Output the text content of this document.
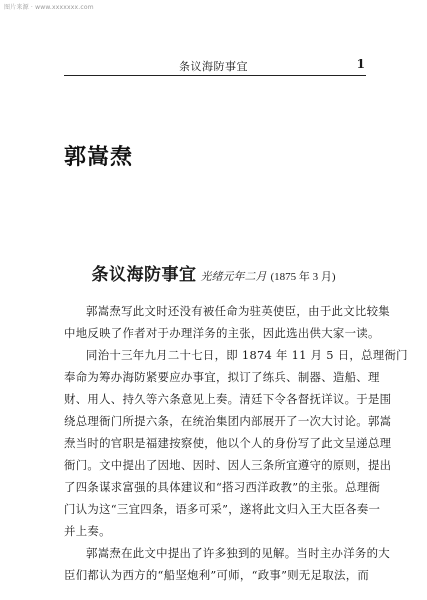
图片来源 · www.xxxxxxx.com
条议海防事宜	1
郭嵩焘
条议海防事宜 光绪元年二月 (1875 年 3 月)
郭嵩焘写此文时还没有被任命为驻英使臣，由于此文比较集
中地反映了作者对于办理洋务的主张，因此选出供大家一读。
同治十三年九月二十七日，即 1874 年 11 月 5 日，总理衙门
奉命为筹办海防紧要应办事宜，拟订了练兵、制器、造船、理
财、用人、持久等六条意见上奏。清廷下令各督抚详议。于是围
绕总理衙门所提六条，在统治集团内部展开了一次大讨论。郭嵩
焘当时的官职是福建按察使，他以个人的身份写了此文呈递总理
衙门。文中提出了因地、因时、因人三条所宜遵守的原则，提出
了四条谋求富强的具体建议和“搭习西洋政教”的主张。总理衙
门认为这“三宜四条，语多可采”，遂将此文归入王大臣各奏一
并上奏。
郭嵩焘在此文中提出了许多独到的见解。当时主办洋务的大
臣们都认为西方的“船坚炮利”可师，“政事”则无足取法，而
